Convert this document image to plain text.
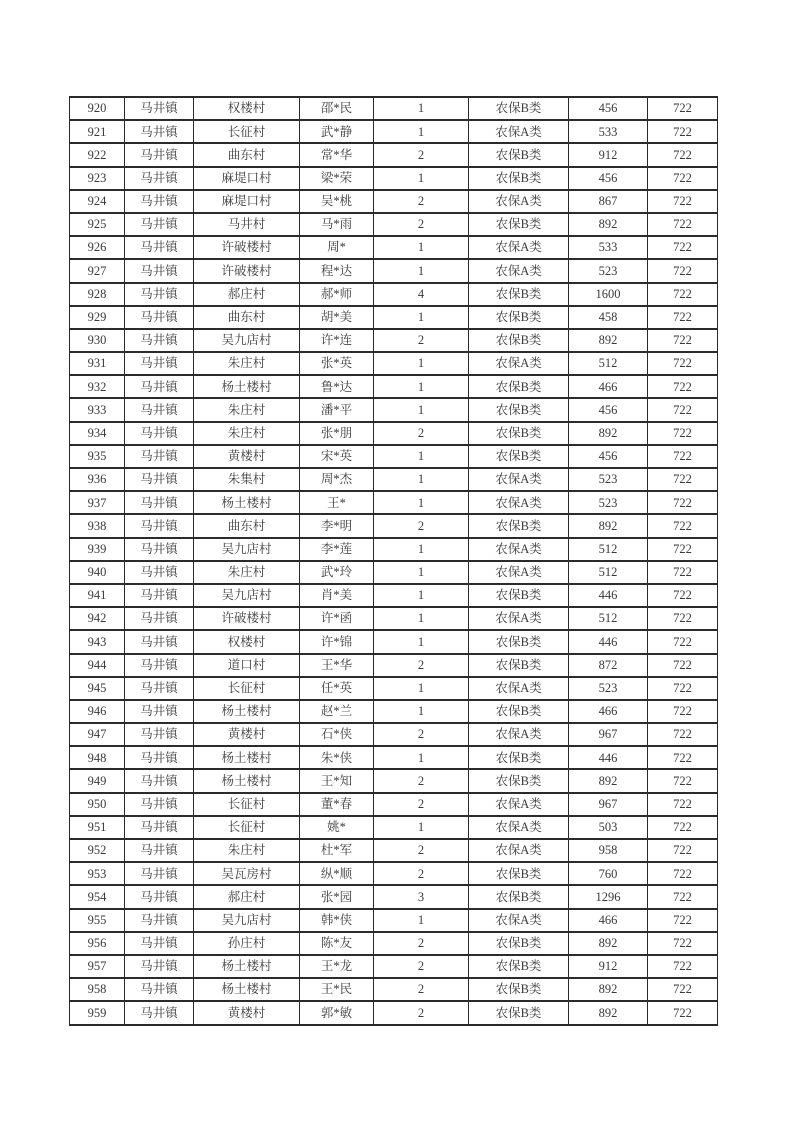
920	马井镇	权楼村	邵*民	1	农保B类	456	722
921	马井镇	长征村	武*静	1	农保A类	533	722
922	马井镇	曲东村	常*华	2	农保B类	912	722
923	马井镇	麻堤口村	梁*荣	1	农保B类	456	722
924	马井镇	麻堤口村	吴*桃	2	农保A类	867	722
925	马井镇	马井村	马*雨	2	农保B类	892	722
926	马井镇	许破楼村	周*	1	农保A类	533	722
927	马井镇	许破楼村	程*达	1	农保A类	523	722
928	马井镇	郝庄村	郝*师	4	农保B类	1600	722
929	马井镇	曲东村	胡*美	1	农保B类	458	722
930	马井镇	吴九店村	许*连	2	农保B类	892	722
931	马井镇	朱庄村	张*英	1	农保A类	512	722
932	马井镇	杨土楼村	鲁*达	1	农保B类	466	722
933	马井镇	朱庄村	潘*平	1	农保B类	456	722
934	马井镇	朱庄村	张*朋	2	农保B类	892	722
935	马井镇	黄楼村	宋*英	1	农保B类	456	722
936	马井镇	朱集村	周*杰	1	农保A类	523	722
937	马井镇	杨土楼村	王*	1	农保A类	523	722
938	马井镇	曲东村	李*明	2	农保B类	892	722
939	马井镇	吴九店村	李*莲	1	农保A类	512	722
940	马井镇	朱庄村	武*玲	1	农保A类	512	722
941	马井镇	吴九店村	肖*美	1	农保B类	446	722
942	马井镇	许破楼村	许*函	1	农保A类	512	722
943	马井镇	权楼村	许*锦	1	农保B类	446	722
944	马井镇	道口村	王*华	2	农保B类	872	722
945	马井镇	长征村	任*英	1	农保A类	523	722
946	马井镇	杨土楼村	赵*兰	1	农保B类	466	722
947	马井镇	黄楼村	石*侠	2	农保A类	967	722
948	马井镇	杨土楼村	朱*侠	1	农保B类	446	722
949	马井镇	杨土楼村	王*知	2	农保B类	892	722
950	马井镇	长征村	董*春	2	农保A类	967	722
951	马井镇	长征村	姚*	1	农保A类	503	722
952	马井镇	朱庄村	杜*军	2	农保A类	958	722
953	马井镇	吴瓦房村	纵*顺	2	农保B类	760	722
954	马井镇	郝庄村	张*园	3	农保B类	1296	722
955	马井镇	吴九店村	韩*侠	1	农保A类	466	722
956	马井镇	孙庄村	陈*友	2	农保B类	892	722
957	马井镇	杨土楼村	王*龙	2	农保B类	912	722
958	马井镇	杨土楼村	王*民	2	农保B类	892	722
959	马井镇	黄楼村	郭*敏	2	农保B类	892	722
